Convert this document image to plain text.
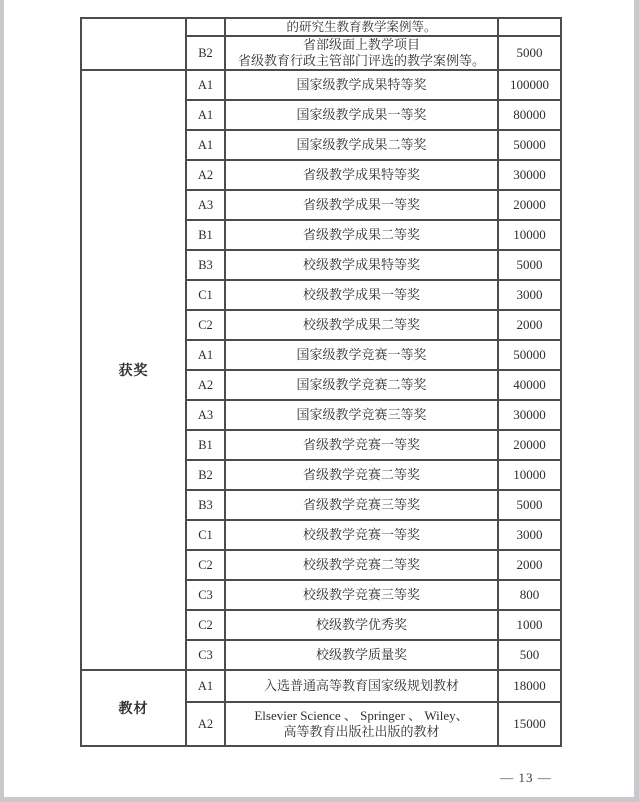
		的研究生教育教学案例等。	

	B2	省部级面上教学项目
省级教育行政主管部门评选的教学案例等。	5000
获奖	A1	国家级教学成果特等奖	100000
	A1	国家级教学成果一等奖	80000
	A1	国家级教学成果二等奖	50000
	A2	省级教学成果特等奖	30000
	A3	省级教学成果一等奖	20000
	B1	省级教学成果二等奖	10000
	B3	校级教学成果特等奖	5000
	C1	校级教学成果一等奖	3000
	C2	校级教学成果二等奖	2000
	A1	国家级教学竞赛一等奖	50000
	A2	国家级教学竞赛二等奖	40000
	A3	国家级教学竞赛三等奖	30000
	B1	省级教学竞赛一等奖	20000
	B2	省级教学竞赛二等奖	10000
	B3	省级教学竞赛三等奖	5000
	C1	校级教学竞赛一等奖	3000
	C2	校级教学竞赛二等奖	2000
	C3	校级教学竞赛三等奖	800
	C2	校级教学优秀奖	1000
	C3	校级教学质量奖	500
教材	A1	入选普通高等教育国家级规划教材	18000
	A2	Elsevier Science 、 Springer 、 Wiley、
高等教育出版社出版的教材	15000
— 13 —
